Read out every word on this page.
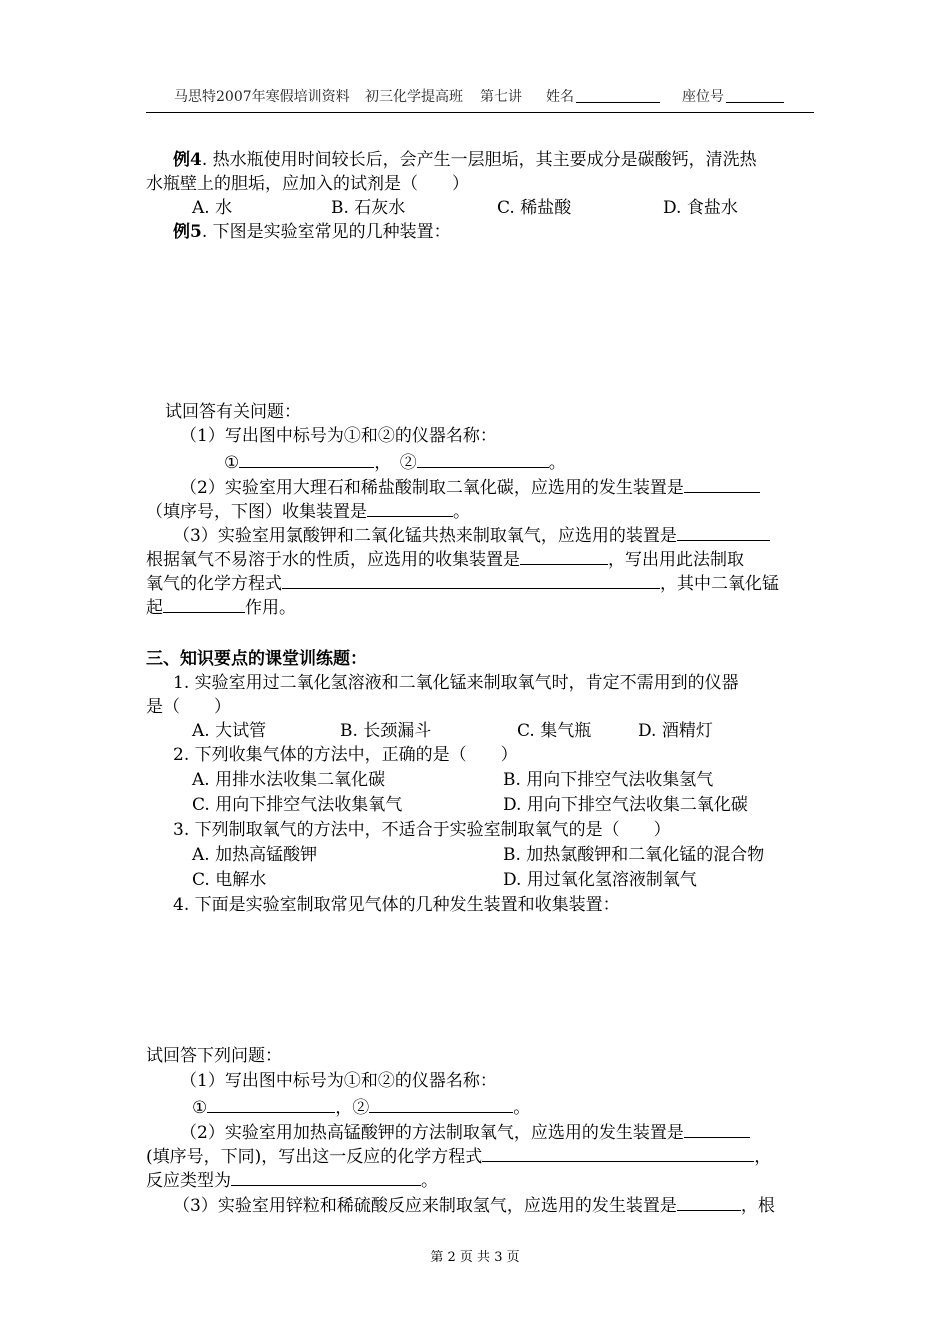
马思特2007年寒假培训资料 初三化学提高班 第七讲 姓名	座位号
例4. 热水瓶使用时间较长后，会产生一层胆垢，其主要成分是碳酸钙，清洗热
水瓶壁上的胆垢，应加入的试剂是（　　）
A. 水	B. 石灰水	C. 稀盐酸	D. 食盐水
例5. 下图是实验室常见的几种装置：
试回答有关问题：
（1）写出图中标号为①和②的仪器名称：
①	，　②	。
（2）实验室用大理石和稀盐酸制取二氧化碳，应选用的发生装置是
（填序号，下图）收集装置是	。
（3）实验室用氯酸钾和二氧化锰共热来制取氧气，应选用的装置是
根据氧气不易溶于水的性质，应选用的收集装置是	，写出用此法制取
氧气的化学方程式	，其中二氧化锰
起	作用。
三、知识要点的课堂训练题：
1. 实验室用过二氧化氢溶液和二氧化锰来制取氧气时，肯定不需用到的仪器
是（　　）
A. 大试管	B. 长颈漏斗	C. 集气瓶	D. 酒精灯
2. 下列收集气体的方法中，正确的是（　　）
A. 用排水法收集二氧化碳	B. 用向下排空气法收集氢气
C. 用向下排空气法收集氧气	D. 用向下排空气法收集二氧化碳
3. 下列制取氧气的方法中，不适合于实验室制取氧气的是（　　）
A. 加热高锰酸钾	B. 加热氯酸钾和二氧化锰的混合物
C. 电解水	D. 用过氧化氢溶液制氧气
4. 下面是实验室制取常见气体的几种发生装置和收集装置：
试回答下列问题：
（1）写出图中标号为①和②的仪器名称：
①	，②	。
（2）实验室用加热高锰酸钾的方法制取氧气，应选用的发生装置是
(填序号，下同)，写出这一反应的化学方程式	，
反应类型为	。
（3）实验室用锌粒和稀硫酸反应来制取氢气，应选用的发生装置是	，根
第 2 页 共 3 页
